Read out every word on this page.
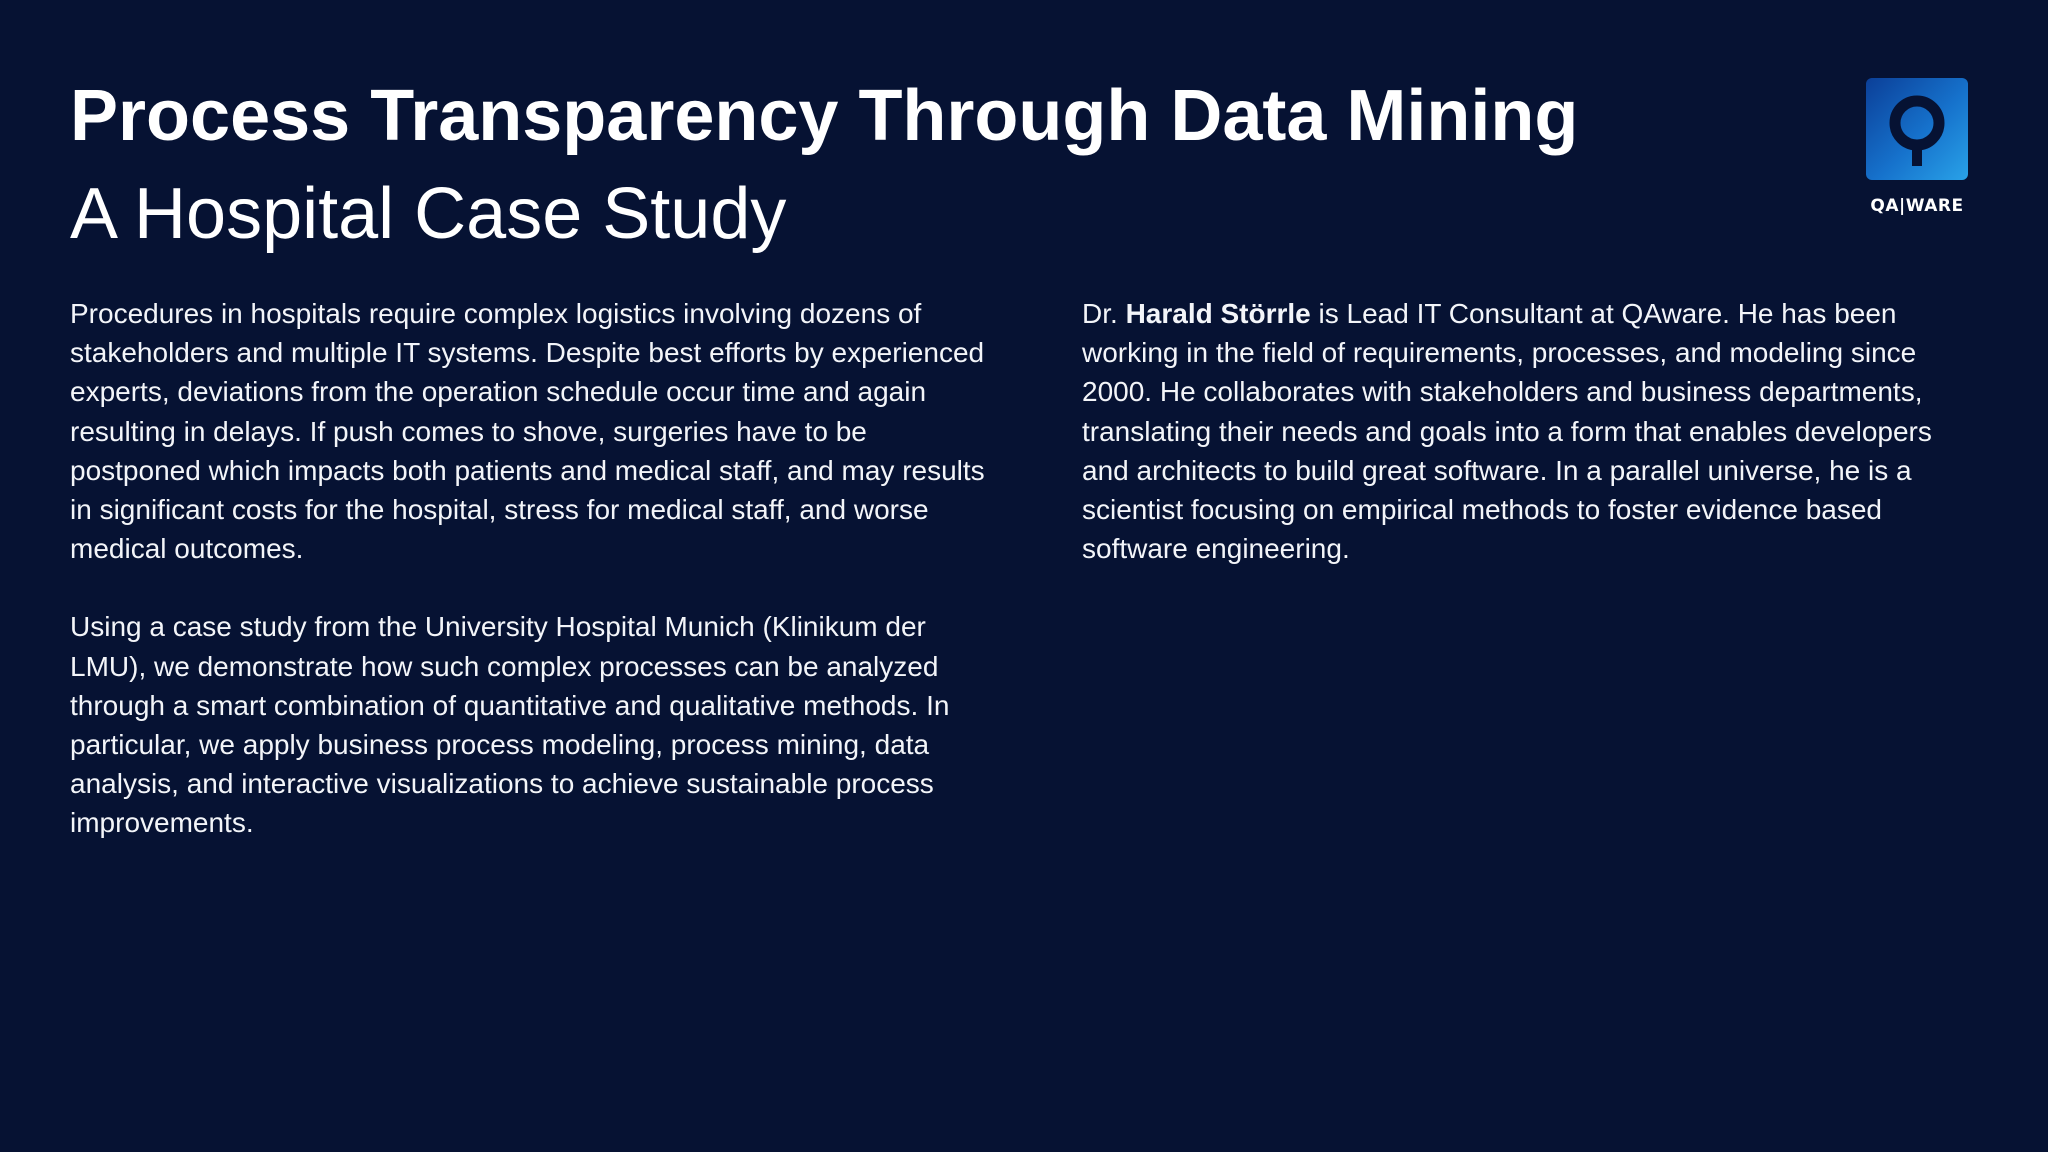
Process Transparency Through Data Mining
A Hospital Case Study	QA|WARE

Procedures in hospitals require complex logistics involving dozens of stakeholders and multiple IT systems. Despite best efforts by experienced experts, deviations from the operation schedule occur time and again resulting in delays. If push comes to shove, surgeries have to be postponed which impacts both patients and medical staff, and may results in significant costs for the hospital, stress for medical staff, and worse medical outcomes.

Using a case study from the University Hospital Munich (Klinikum der LMU), we demonstrate how such complex processes can be analyzed through a smart combination of quantitative and qualitative methods. In particular, we apply business process modeling, process mining, data analysis, and interactive visualizations to achieve sustainable process improvements.

Dr. Harald Störrle is Lead IT Consultant at QAware. He has been working in the field of requirements, processes, and modeling since 2000. He collaborates with stakeholders and business departments, translating their needs and goals into a form that enables developers and architects to build great software. In a parallel universe, he is a scientist focusing on empirical methods to foster evidence based software engineering.
